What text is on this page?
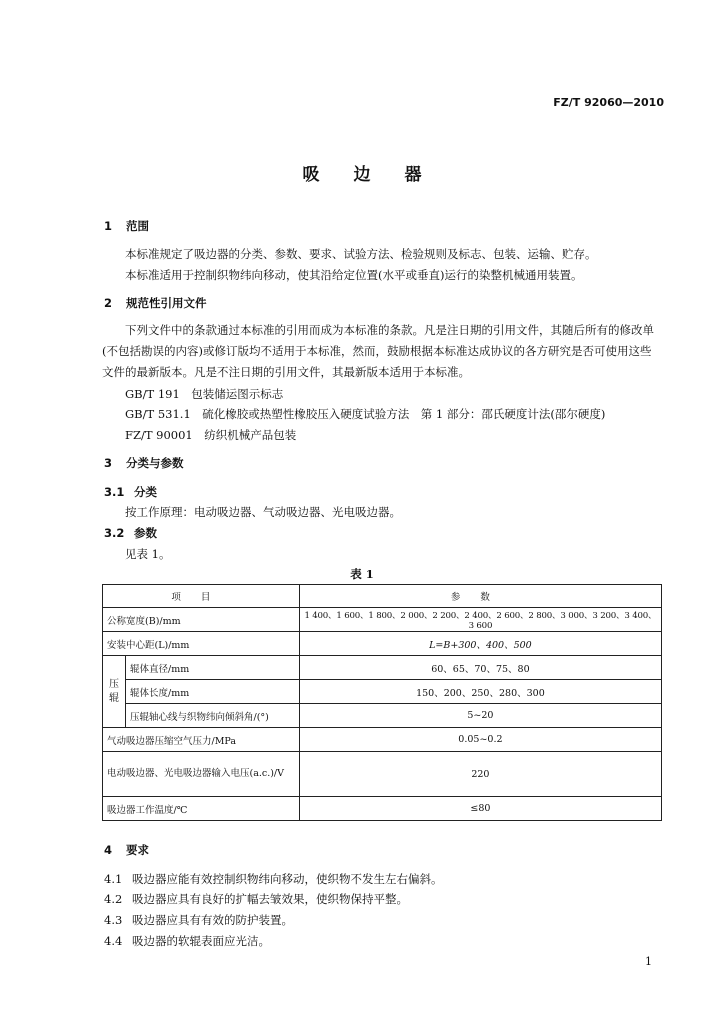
FZ/T 92060—2010
吸边器
1 范围
本标准规定了吸边器的分类、参数、要求、试验方法、检验规则及标志、包装、运输、贮存。
本标准适用于控制织物纬向移动，使其沿给定位置(水平或垂直)运行的染整机械通用装置。
2 规范性引用文件
下列文件中的条款通过本标准的引用而成为本标准的条款。凡是注日期的引用文件，其随后所有的修改单(不包括勘误的内容)或修订版均不适用于本标准，然而，鼓励根据本标准达成协议的各方研究是否可使用这些文件的最新版本。凡是不注日期的引用文件，其最新版本适用于本标准。
GB/T 191　包装储运图示标志
GB/T 531.1　硫化橡胶或热塑性橡胶压入硬度试验方法　第 1 部分：邵氏硬度计法(邵尔硬度)
FZ/T 90001　纺织机械产品包装
3 分类与参数
3.1 分类
按工作原理：电动吸边器、气动吸边器、光电吸边器。
3.2 参数
见表 1。
表 1
项目		参数
公称宽度(B)/mm		1 400、1 600、1 800、2 000、2 200、2 400、2 600、2 800、3 000、3 200、3 400、3 600
安装中心距(L)/mm		L=B+300、400、500
压辊	辊体直径/mm	60、65、70、75、80
	辊体长度/mm	150、200、250、280、300
	压辊轴心线与织物纬向倾斜角/(°)	5~20
气动吸边器压缩空气压力/MPa		0.05~0.2
电动吸边器、光电吸边器输入电压(a.c.)/V		220
吸边器工作温度/℃		≤80
4 要求
4.1 吸边器应能有效控制织物纬向移动，使织物不发生左右偏斜。
4.2 吸边器应具有良好的扩幅去皱效果，使织物保持平整。
4.3 吸边器应具有有效的防护装置。
4.4 吸边器的软辊表面应光洁。
1
